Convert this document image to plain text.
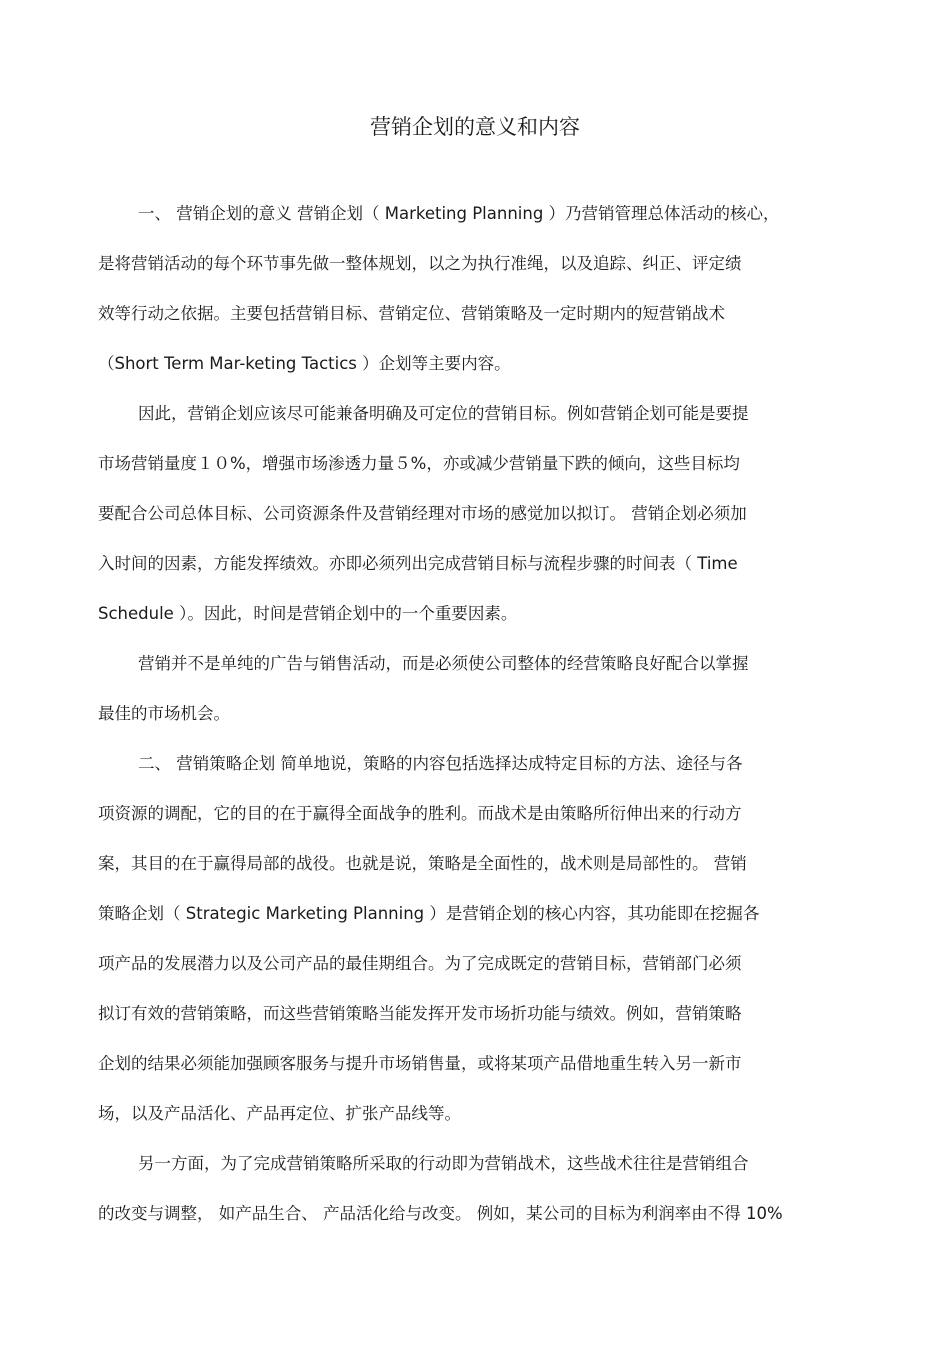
营销企划的意义和内容
一、 营销企划的意义 营销企划（ Marketing Planning ）乃营销管理总体活动的核心，
是将营销活动的每个环节事先做一整体规划，以之为执行准绳，以及追踪、纠正、评定绩
效等行动之依据。主要包括营销目标、营销定位、营销策略及一定时期内的短营销战术
（Short Term Mar-keting Tactics ）企划等主要内容。
因此，营销企划应该尽可能兼备明确及可定位的营销目标。例如营销企划可能是要提
市场营销量度１０%，增强市场渗透力量５%，亦或减少营销量下跌的倾向，这些目标均
要配合公司总体目标、公司资源条件及营销经理对市场的感觉加以拟订。 营销企划必须加
入时间的因素，方能发挥绩效。亦即必须列出完成营销目标与流程步骤的时间表（ Time
Schedule ）。因此，时间是营销企划中的一个重要因素。
营销并不是单纯的广告与销售活动，而是必须使公司整体的经营策略良好配合以掌握
最佳的市场机会。
二、 营销策略企划 简单地说，策略的内容包括选择达成特定目标的方法、途径与各
项资源的调配，它的目的在于赢得全面战争的胜利。而战术是由策略所衍伸出来的行动方
案，其目的在于赢得局部的战役。也就是说，策略是全面性的，战术则是局部性的。 营销
策略企划（ Strategic Marketing Planning ）是营销企划的核心内容，其功能即在挖掘各
项产品的发展潜力以及公司产品的最佳期组合。为了完成既定的营销目标，营销部门必须
拟订有效的营销策略，而这些营销策略当能发挥开发市场折功能与绩效。例如，营销策略
企划的结果必须能加强顾客服务与提升市场销售量，或将某项产品借地重生转入另一新市
场，以及产品活化、产品再定位、扩张产品线等。
另一方面，为了完成营销策略所采取的行动即为营销战术，这些战术往往是营销组合
的改变与调整， 如产品生合、 产品活化给与改变。 例如，某公司的目标为利润率由不得 10%
